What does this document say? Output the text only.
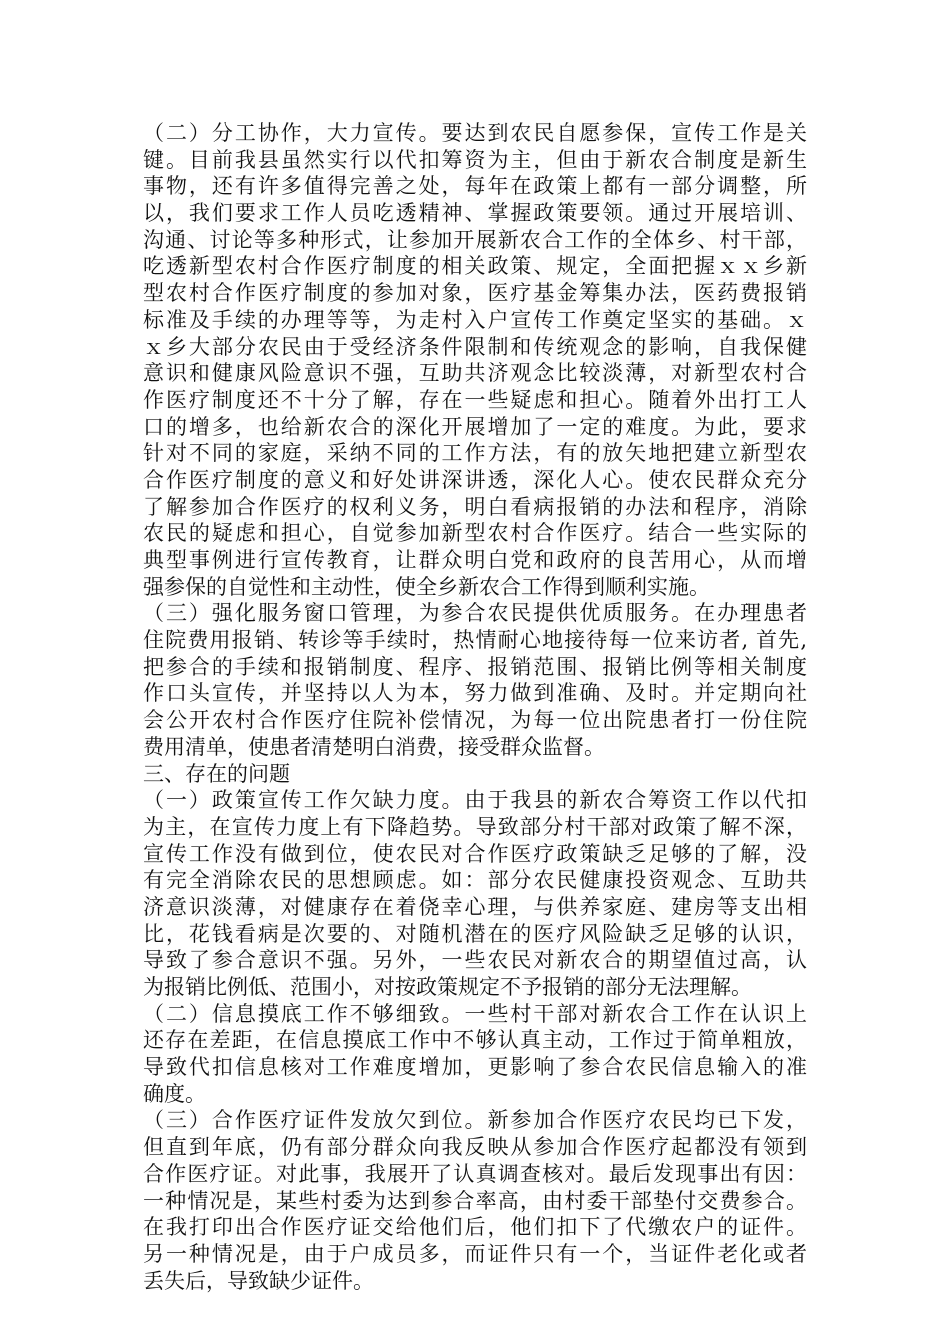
（二）分工协作，大力宣传。要达到农民自愿参保，宣传工作是关
键。目前我县虽然实行以代扣筹资为主，但由于新农合制度是新生
事物，还有许多值得完善之处，每年在政策上都有一部分调整，所
以，我们要求工作人员吃透精神、掌握政策要领。通过开展培训、
沟通、讨论等多种形式，让参加开展新农合工作的全体乡、村干部，
吃透新型农村合作医疗制度的相关政策、规定，全面把握ｘｘ乡新
型农村合作医疗制度的参加对象，医疗基金筹集办法，医药费报销
标准及手续的办理等等，为走村入户宣传工作奠定坚实的基础。ｘ
ｘ乡大部分农民由于受经济条件限制和传统观念的影响，自我保健
意识和健康风险意识不强，互助共济观念比较淡薄，对新型农村合
作医疗制度还不十分了解，存在一些疑虑和担心。随着外出打工人
口的增多，也给新农合的深化开展增加了一定的难度。为此，要求
针对不同的家庭，采纳不同的工作方法，有的放矢地把建立新型农
合作医疗制度的意义和好处讲深讲透，深化人心。使农民群众充分
了解参加合作医疗的权利义务，明白看病报销的办法和程序，消除
农民的疑虑和担心，自觉参加新型农村合作医疗。结合一些实际的
典型事例进行宣传教育，让群众明白党和政府的良苦用心，从而增
强参保的自觉性和主动性，使全乡新农合工作得到顺利实施。
（三）强化服务窗口管理，为参合农民提供优质服务。在办理患者
住院费用报销、转诊等手续时，热情耐心地接待每一位来访者, 首先,
把参合的手续和报销制度、程序、报销范围、报销比例等相关制度
作口头宣传，并坚持以人为本，努力做到准确、及时。并定期向社
会公开农村合作医疗住院补偿情况，为每一位出院患者打一份住院
费用清单，使患者清楚明白消费，接受群众监督。
三、存在的问题
（一）政策宣传工作欠缺力度。由于我县的新农合筹资工作以代扣
为主，在宣传力度上有下降趋势。导致部分村干部对政策了解不深，
宣传工作没有做到位，使农民对合作医疗政策缺乏足够的了解，没
有完全消除农民的思想顾虑。如：部分农民健康投资观念、互助共
济意识淡薄，对健康存在着侥幸心理，与供养家庭、建房等支出相
比，花钱看病是次要的、对随机潜在的医疗风险缺乏足够的认识，
导致了参合意识不强。另外，一些农民对新农合的期望值过高，认
为报销比例低、范围小，对按政策规定不予报销的部分无法理解。
（二）信息摸底工作不够细致。一些村干部对新农合工作在认识上
还存在差距，在信息摸底工作中不够认真主动，工作过于简单粗放，
导致代扣信息核对工作难度增加，更影响了参合农民信息输入的准
确度。
（三）合作医疗证件发放欠到位。新参加合作医疗农民均已下发，
但直到年底，仍有部分群众向我反映从参加合作医疗起都没有领到
合作医疗证。对此事，我展开了认真调查核对。最后发现事出有因：
一种情况是，某些村委为达到参合率高，由村委干部垫付交费参合。
在我打印出合作医疗证交给他们后，他们扣下了代缴农户的证件。
另一种情况是，由于户成员多，而证件只有一个，当证件老化或者
丢失后，导致缺少证件。
